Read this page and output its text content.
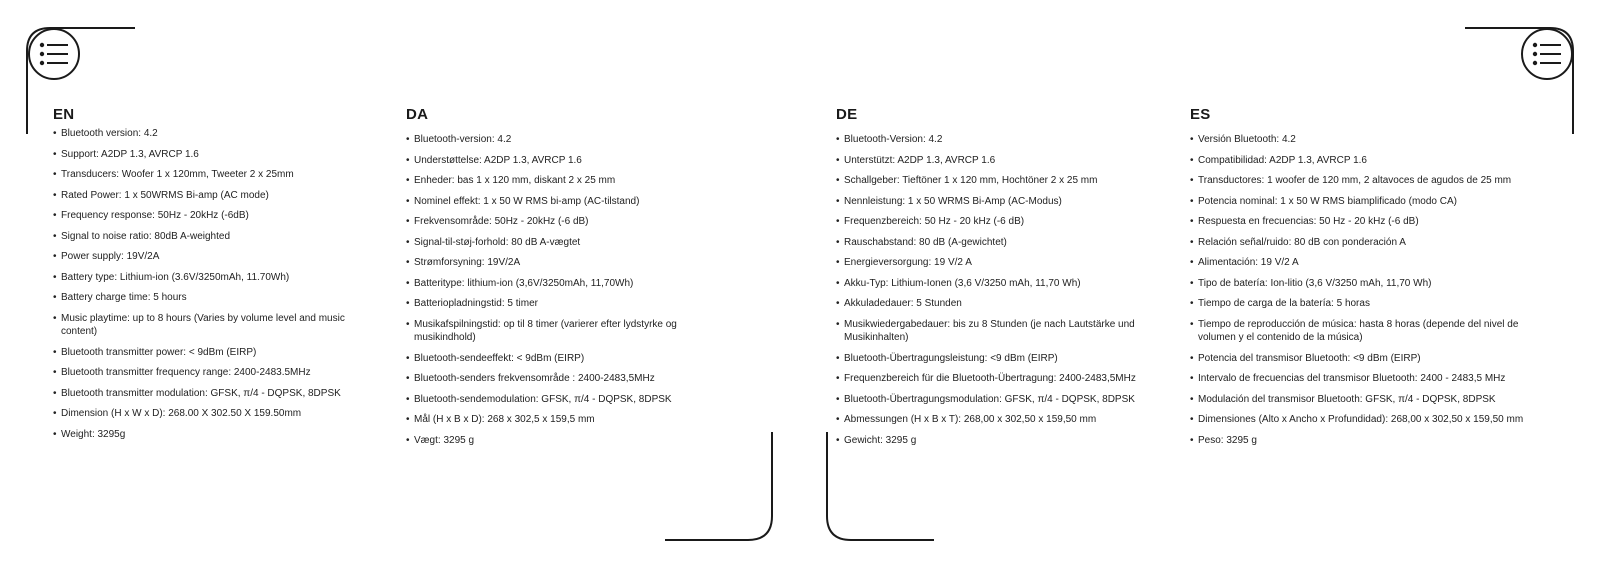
EN
• Bluetooth version: 4.2
• Support: A2DP 1.3, AVRCP 1.6
• Transducers: Woofer 1 x 120mm, Tweeter 2 x 25mm
• Rated Power: 1 x 50WRMS Bi-amp (AC mode)
• Frequency response: 50Hz - 20kHz (-6dB)
• Signal to noise ratio: 80dB A-weighted
• Power supply: 19V/2A
• Battery type: Lithium-ion (3.6V/3250mAh, 11.70Wh)
• Battery charge time: 5 hours
• Music playtime: up to 8 hours (Varies by volume level and music content)
• Bluetooth transmitter power: < 9dBm (EIRP)
• Bluetooth transmitter frequency range: 2400-2483.5MHz
• Bluetooth transmitter modulation: GFSK, π/4 - DQPSK, 8DPSK
• Dimension (H x W x D): 268.00 X 302.50 X 159.50mm
• Weight: 3295g
DA
• Bluetooth-version: 4.2
• Understøttelse: A2DP 1.3, AVRCP 1.6
• Enheder: bas 1 x 120 mm, diskant 2 x 25 mm
• Nominel effekt: 1 x 50 W RMS bi-amp (AC-tilstand)
• Frekvensområde: 50Hz - 20kHz (-6 dB)
• Signal-til-støj-forhold: 80 dB A-vægtet
• Strømforsyning: 19V/2A
• Batteritype: lithium-ion (3,6V/3250mAh, 11,70Wh)
• Batteriopladningstid: 5 timer
• Musikafspilningstid: op til 8 timer (varierer efter lydstyrke og musikindhold)
• Bluetooth-sendeeffekt: < 9dBm (EIRP)
• Bluetooth-senders frekvensområde : 2400-2483,5MHz
• Bluetooth-sendemodulation: GFSK, π/4 - DQPSK, 8DPSK
• Mål (H x B x D): 268 x 302,5 x 159,5 mm
• Vægt: 3295 g
DE
• Bluetooth-Version: 4.2
• Unterstützt: A2DP 1.3, AVRCP 1.6
• Schallgeber: Tieftöner 1 x 120 mm, Hochtöner 2 x 25 mm
• Nennleistung: 1 x 50 WRMS Bi-Amp (AC-Modus)
• Frequenzbereich: 50 Hz - 20 kHz (-6 dB)
• Rauschabstand: 80 dB (A-gewichtet)
• Energieversorgung: 19 V/2 A
• Akku-Typ: Lithium-Ionen (3,6 V/3250 mAh, 11,70 Wh)
• Akkuladedauer: 5 Stunden
• Musikwiedergabedauer: bis zu 8 Stunden (je nach Lautstärke und Musikinhalten)
• Bluetooth-Übertragungsleistung: <9 dBm (EIRP)
• Frequenzbereich für die Bluetooth-Übertragung: 2400-2483,5MHz
• Bluetooth-Übertragungsmodulation: GFSK, π/4 - DQPSK, 8DPSK
• Abmessungen (H x B x T): 268,00 x 302,50 x 159,50 mm
• Gewicht: 3295 g
ES
• Versión Bluetooth: 4.2
• Compatibilidad: A2DP 1.3, AVRCP 1.6
• Transductores: 1 woofer de 120 mm, 2 altavoces de agudos de 25 mm
• Potencia nominal: 1 x 50 W RMS biamplificado (modo CA)
• Respuesta en frecuencias: 50 Hz - 20 kHz (-6 dB)
• Relación señal/ruido: 80 dB con ponderación A
• Alimentación: 19 V/2 A
• Tipo de batería: Ion-litio (3,6 V/3250 mAh, 11,70 Wh)
• Tiempo de carga de la batería: 5 horas
• Tiempo de reproducción de música: hasta 8 horas (depende del nivel de volumen y el contenido de la música)
• Potencia del transmisor Bluetooth: <9 dBm (EIRP)
• Intervalo de frecuencias del transmisor Bluetooth: 2400 - 2483,5 MHz
• Modulación del transmisor Bluetooth: GFSK, π/4 - DQPSK, 8DPSK
• Dimensiones (Alto x Ancho x Profundidad): 268,00 x 302,50 x 159,50 mm
• Peso: 3295 g
